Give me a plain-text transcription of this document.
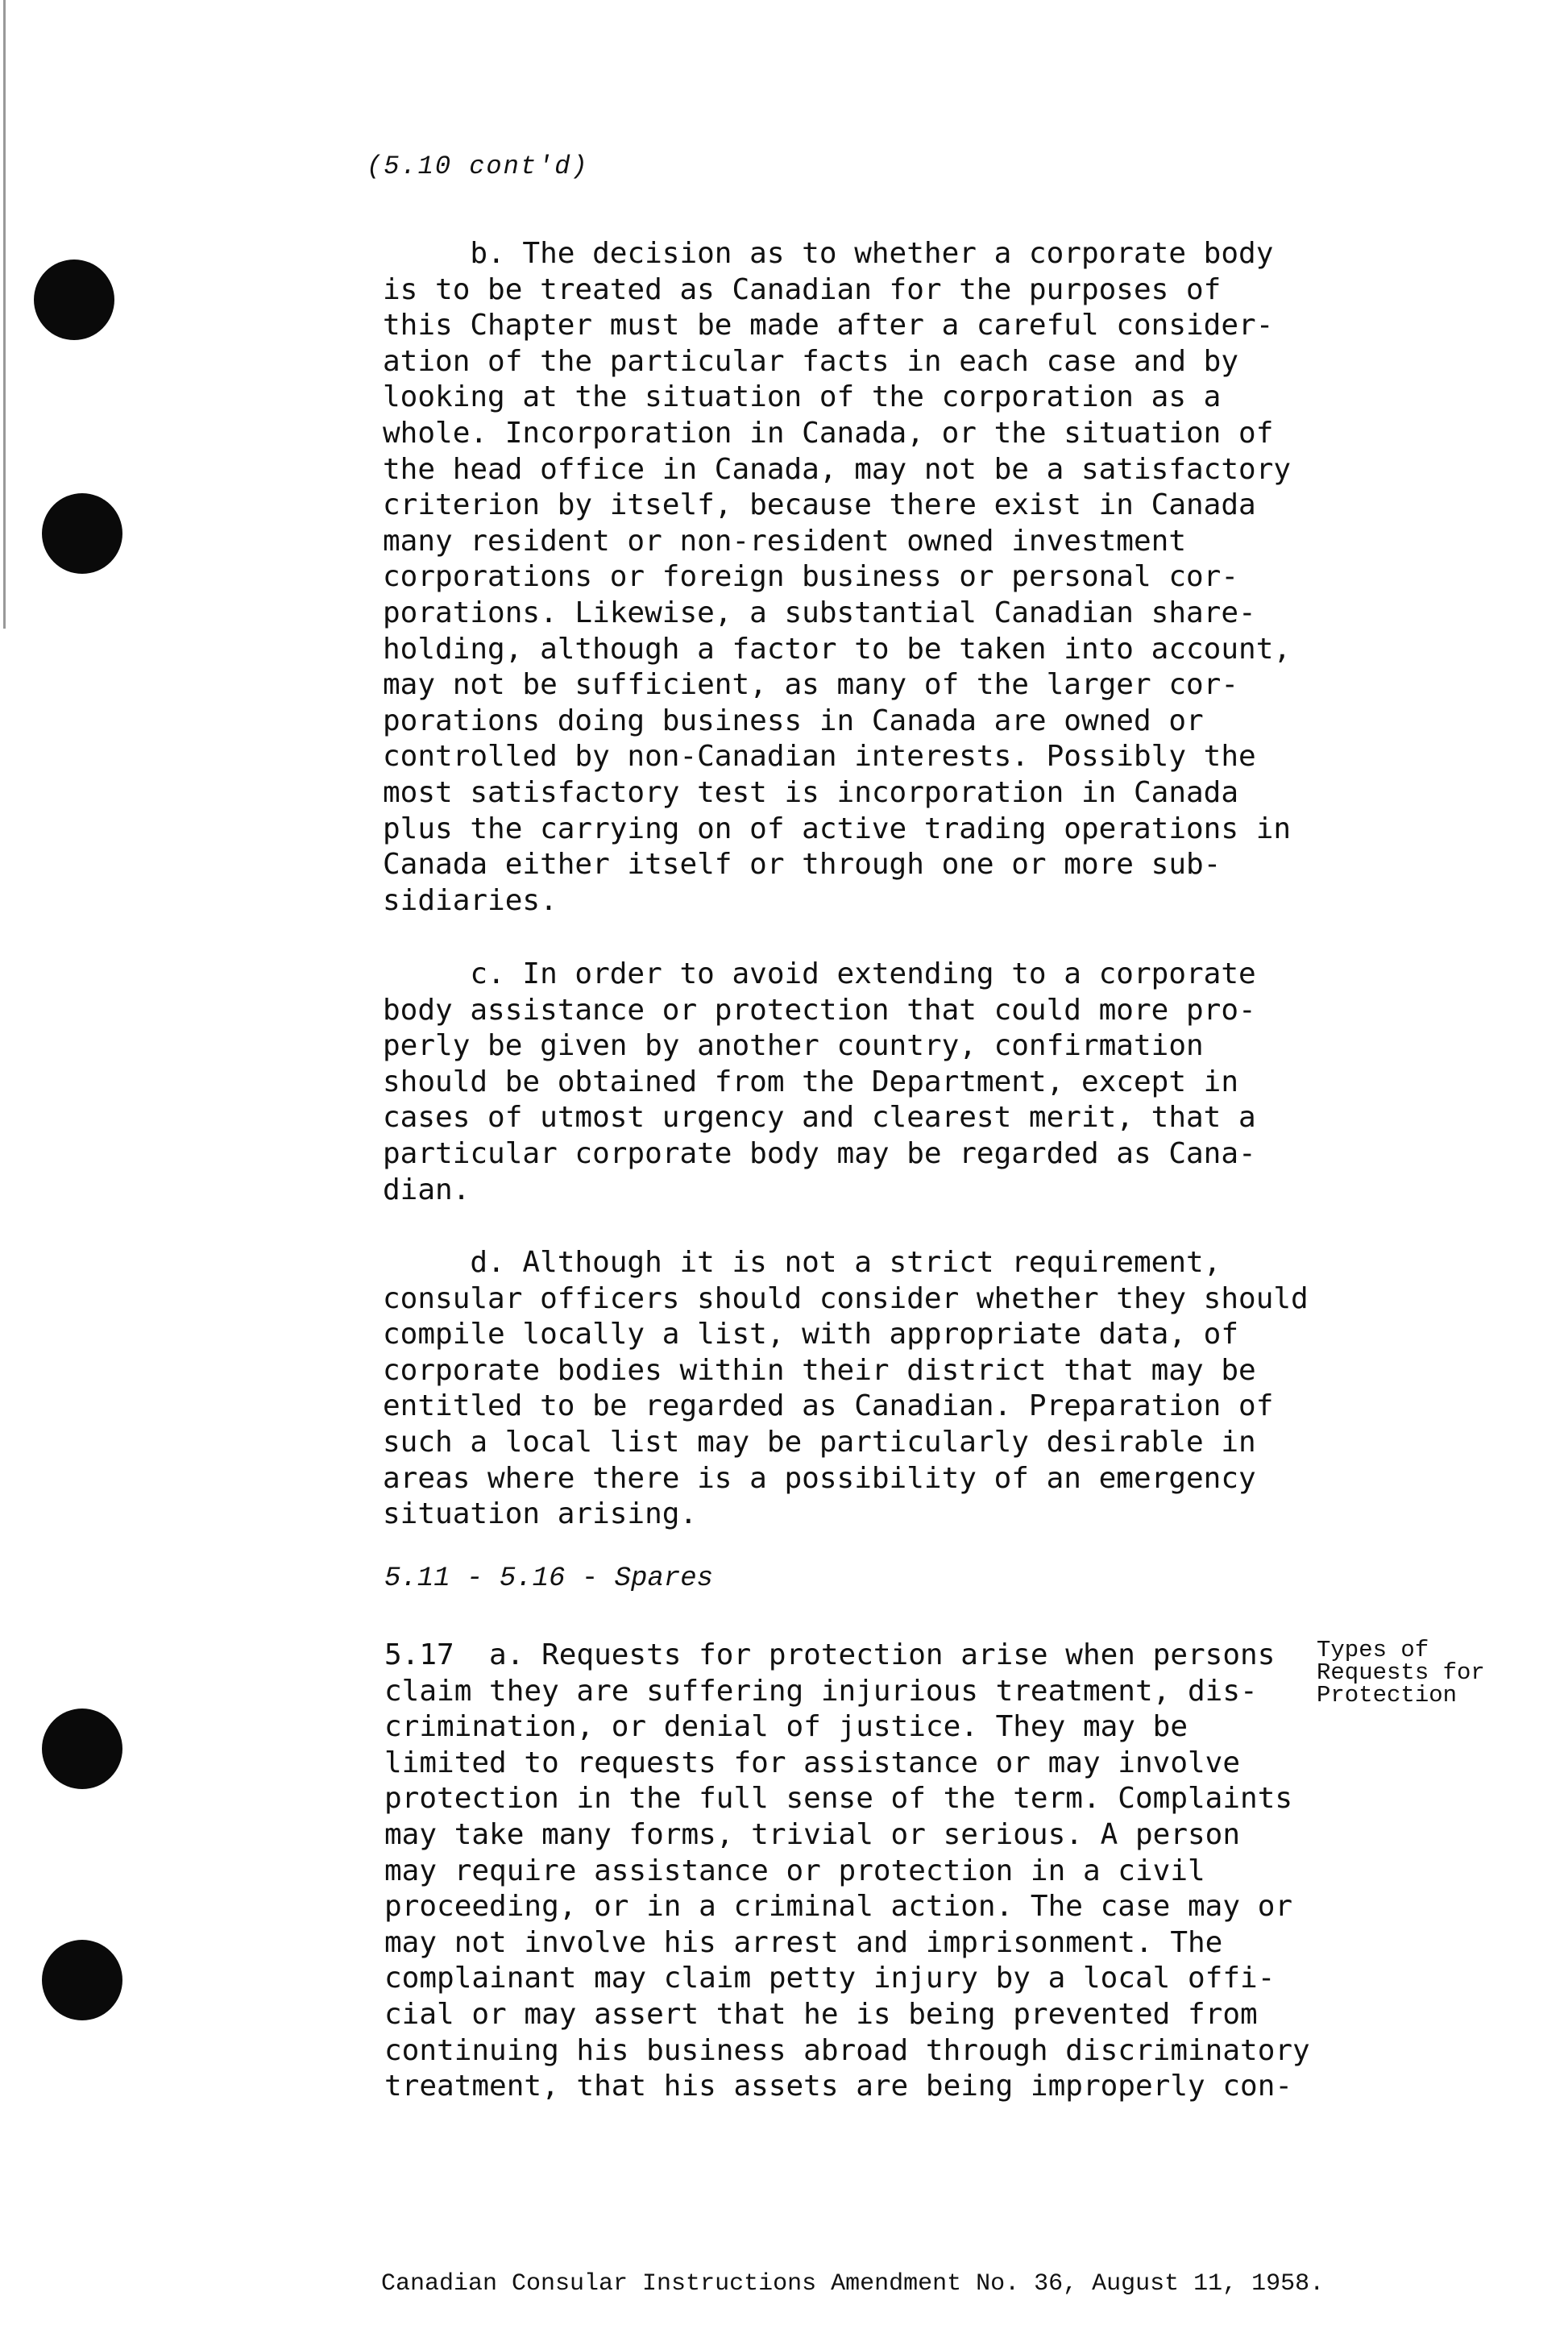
(5.10 cont'd)
b. The decision as to whether a corporate body
is to be treated as Canadian for the purposes of
this Chapter must be made after a careful consider-
ation of the particular facts in each case and by
looking at the situation of the corporation as a
whole. Incorporation in Canada, or the situation of
the head office in Canada, may not be a satisfactory
criterion by itself, because there exist in Canada
many resident or non-resident owned investment
corporations or foreign business or personal cor-
porations. Likewise, a substantial Canadian share-
holding, although a factor to be taken into account,
may not be sufficient, as many of the larger cor-
porations doing business in Canada are owned or
controlled by non-Canadian interests. Possibly the
most satisfactory test is incorporation in Canada
plus the carrying on of active trading operations in
Canada either itself or through one or more sub-
sidiaries.
c. In order to avoid extending to a corporate
body assistance or protection that could more pro-
perly be given by another country, confirmation
should be obtained from the Department, except in
cases of utmost urgency and clearest merit, that a
particular corporate body may be regarded as Cana-
dian.
d. Although it is not a strict requirement,
consular officers should consider whether they should
compile locally a list, with appropriate data, of
corporate bodies within their district that may be
entitled to be regarded as Canadian. Preparation of
such a local list may be particularly desirable in
areas where there is a possibility of an emergency
situation arising.
5.11 - 5.16 - Spares
5.17  a. Requests for protection arise when persons
claim they are suffering injurious treatment, dis-
crimination, or denial of justice. They may be
limited to requests for assistance or may involve
protection in the full sense of the term. Complaints
may take many forms, trivial or serious. A person
may require assistance or protection in a civil
proceeding, or in a criminal action. The case may or
may not involve his arrest and imprisonment. The
complainant may claim petty injury by a local offi-
cial or may assert that he is being prevented from
continuing his business abroad through discriminatory
treatment, that his assets are being improperly con-
Types of
Requests for
Protection
Canadian Consular Instructions Amendment No. 36, August 11, 1958.
